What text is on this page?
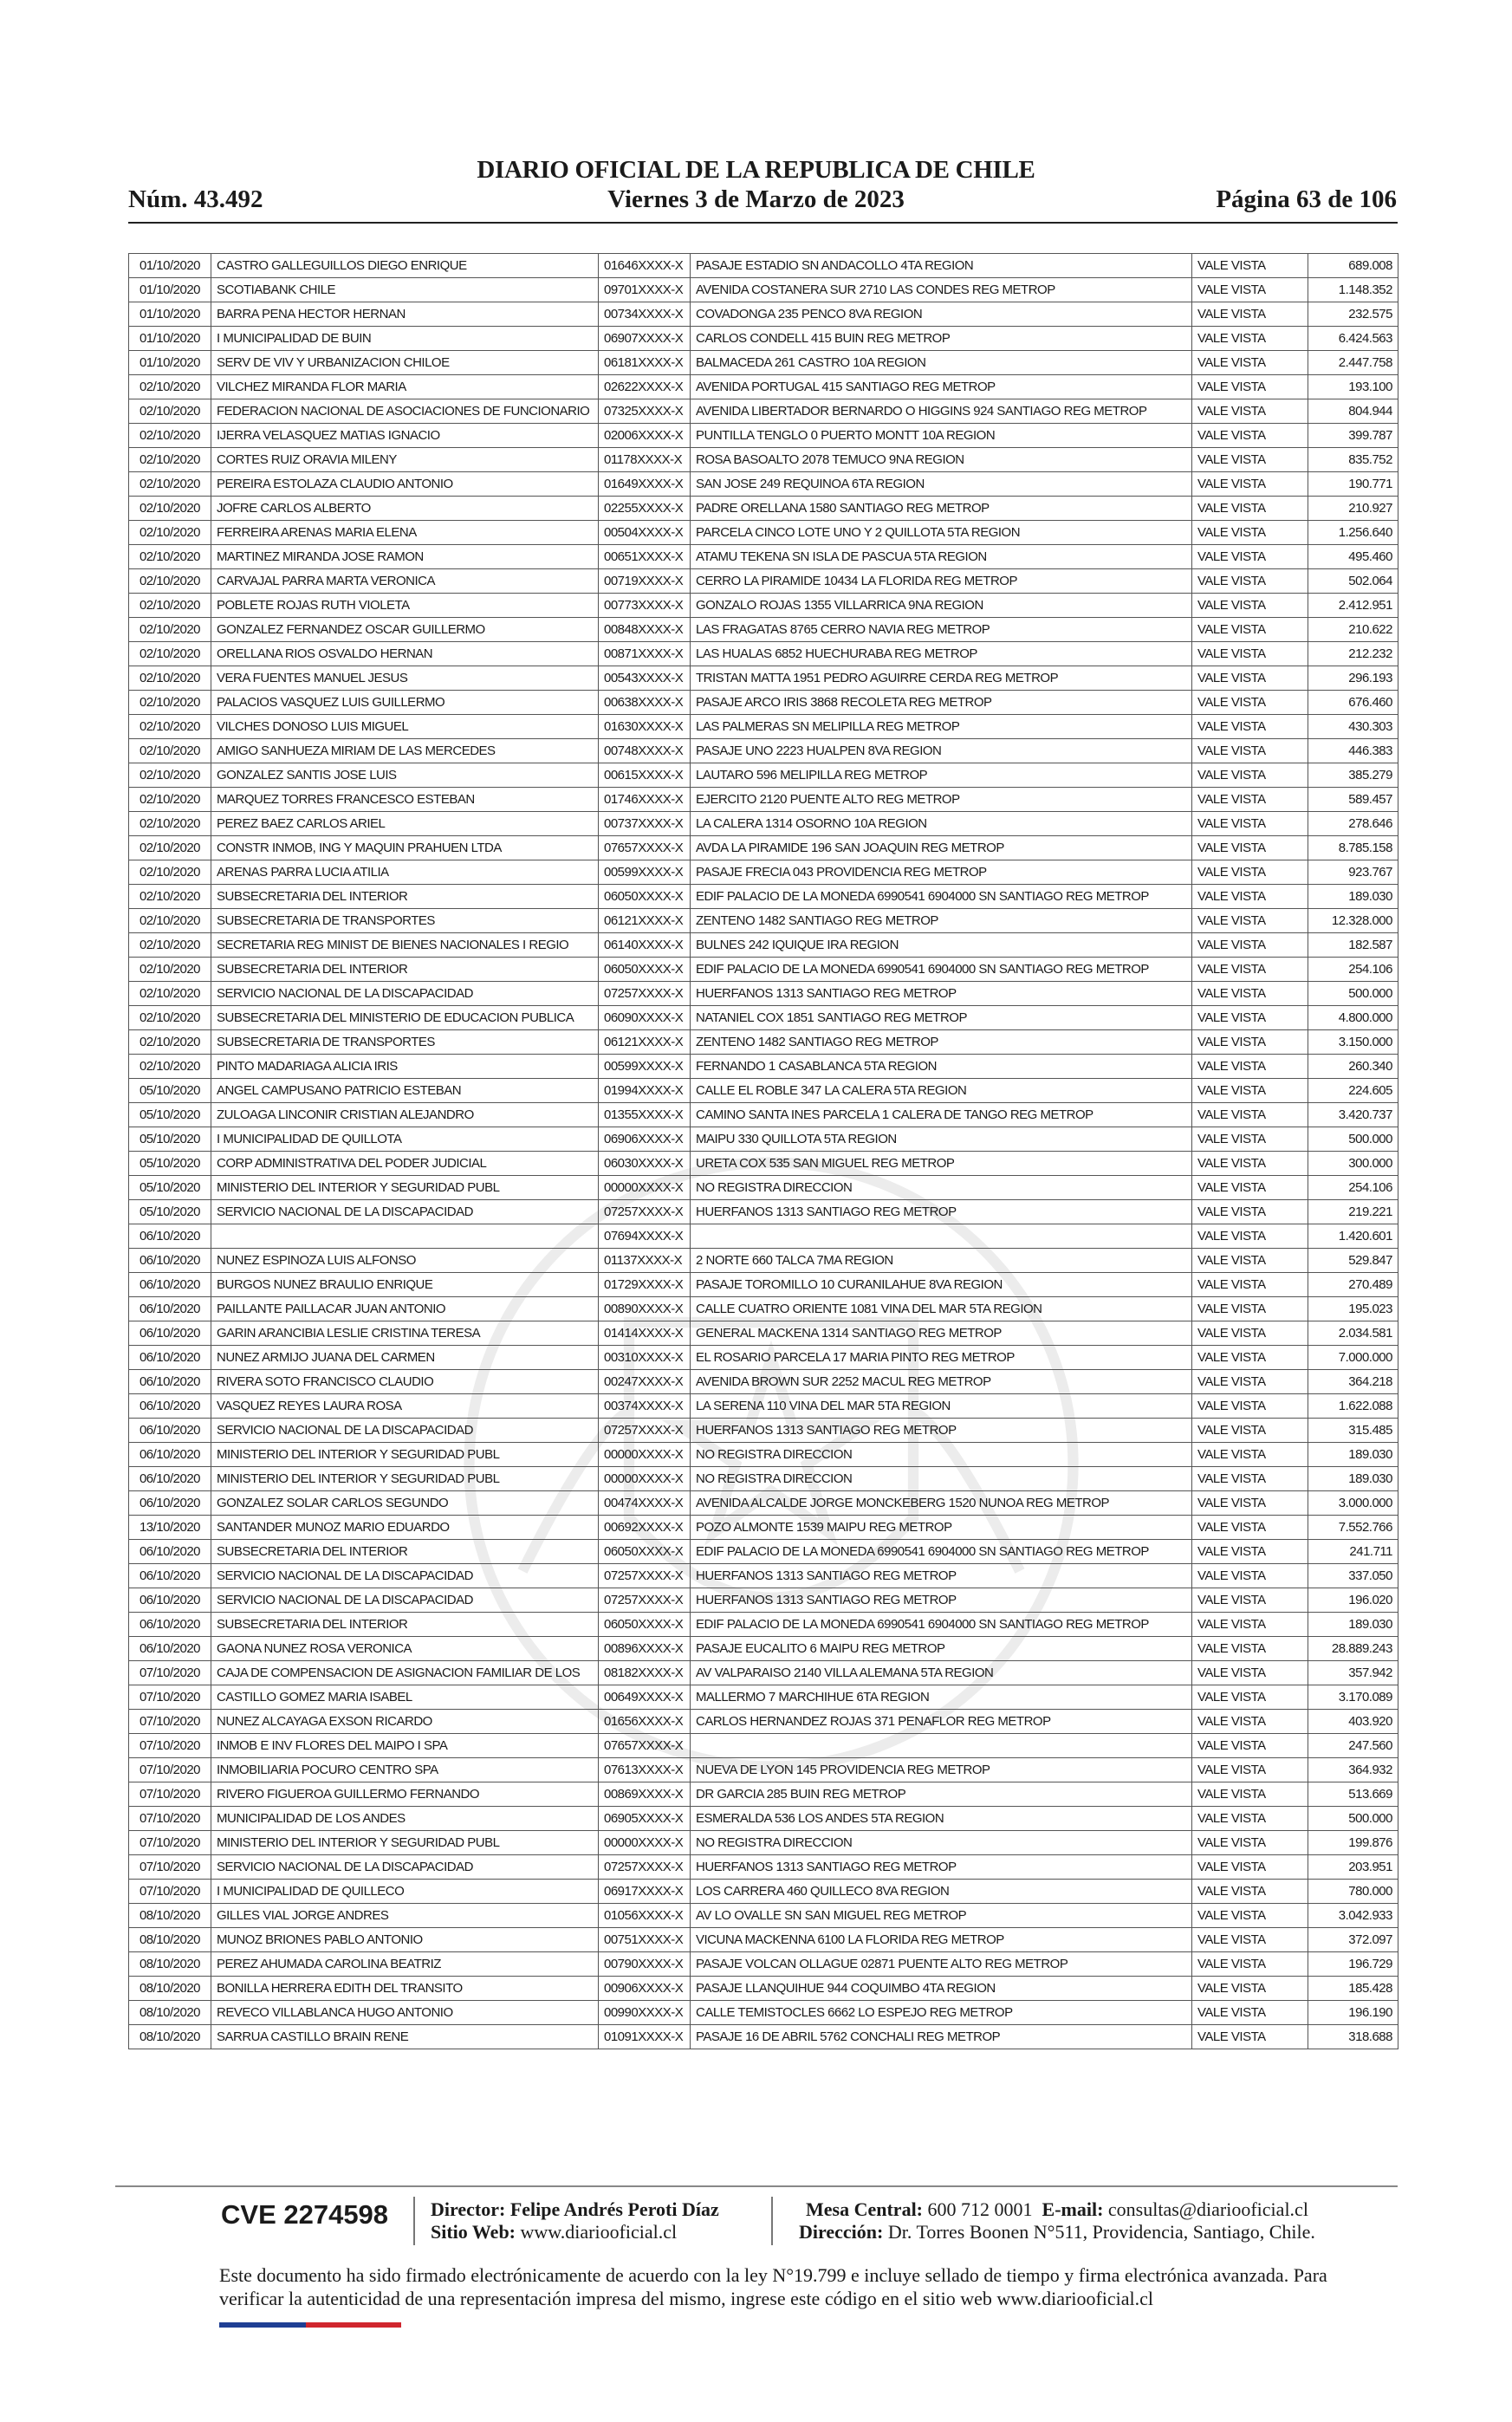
DIARIO OFICIAL DE LA REPUBLICA DE CHILE
Núm. 43.492	Viernes 3 de Marzo de 2023	Página 63 de 106
01/10/2020	CASTRO GALLEGUILLOS DIEGO ENRIQUE	01646XXXX-X	PASAJE ESTADIO SN ANDACOLLO 4TA REGION	VALE VISTA	689.008
01/10/2020	SCOTIABANK CHILE	09701XXXX-X	AVENIDA COSTANERA SUR 2710 LAS CONDES REG METROP	VALE VISTA	1.148.352
01/10/2020	BARRA PENA HECTOR HERNAN	00734XXXX-X	COVADONGA 235 PENCO 8VA REGION	VALE VISTA	232.575
01/10/2020	I MUNICIPALIDAD DE BUIN	06907XXXX-X	CARLOS CONDELL 415 BUIN REG METROP	VALE VISTA	6.424.563
01/10/2020	SERV DE VIV Y URBANIZACION CHILOE	06181XXXX-X	BALMACEDA 261 CASTRO 10A REGION	VALE VISTA	2.447.758
02/10/2020	VILCHEZ MIRANDA FLOR MARIA	02622XXXX-X	AVENIDA PORTUGAL 415 SANTIAGO REG METROP	VALE VISTA	193.100
02/10/2020	FEDERACION NACIONAL DE ASOCIACIONES DE FUNCIONARIO	07325XXXX-X	AVENIDA LIBERTADOR BERNARDO O HIGGINS 924 SANTIAGO REG METROP	VALE VISTA	804.944
02/10/2020	IJERRA VELASQUEZ MATIAS IGNACIO	02006XXXX-X	PUNTILLA TENGLO 0 PUERTO MONTT 10A REGION	VALE VISTA	399.787
02/10/2020	CORTES RUIZ ORAVIA MILENY	01178XXXX-X	ROSA BASOALTO 2078 TEMUCO 9NA REGION	VALE VISTA	835.752
02/10/2020	PEREIRA ESTOLAZA CLAUDIO ANTONIO	01649XXXX-X	SAN JOSE 249 REQUINOA 6TA REGION	VALE VISTA	190.771
02/10/2020	JOFRE CARLOS ALBERTO	02255XXXX-X	PADRE ORELLANA 1580 SANTIAGO REG METROP	VALE VISTA	210.927
02/10/2020	FERREIRA ARENAS MARIA ELENA	00504XXXX-X	PARCELA CINCO LOTE UNO Y 2 QUILLOTA 5TA REGION	VALE VISTA	1.256.640
02/10/2020	MARTINEZ MIRANDA JOSE RAMON	00651XXXX-X	ATAMU TEKENA SN ISLA DE PASCUA 5TA REGION	VALE VISTA	495.460
02/10/2020	CARVAJAL PARRA MARTA VERONICA	00719XXXX-X	CERRO LA PIRAMIDE 10434 LA FLORIDA REG METROP	VALE VISTA	502.064
02/10/2020	POBLETE ROJAS RUTH VIOLETA	00773XXXX-X	GONZALO ROJAS 1355 VILLARRICA 9NA REGION	VALE VISTA	2.412.951
02/10/2020	GONZALEZ FERNANDEZ OSCAR GUILLERMO	00848XXXX-X	LAS FRAGATAS 8765 CERRO NAVIA REG METROP	VALE VISTA	210.622
02/10/2020	ORELLANA RIOS OSVALDO HERNAN	00871XXXX-X	LAS HUALAS 6852 HUECHURABA REG METROP	VALE VISTA	212.232
02/10/2020	VERA FUENTES MANUEL JESUS	00543XXXX-X	TRISTAN MATTA 1951 PEDRO AGUIRRE CERDA REG METROP	VALE VISTA	296.193
02/10/2020	PALACIOS VASQUEZ LUIS GUILLERMO	00638XXXX-X	PASAJE ARCO IRIS 3868 RECOLETA REG METROP	VALE VISTA	676.460
02/10/2020	VILCHES DONOSO LUIS MIGUEL	01630XXXX-X	LAS PALMERAS SN MELIPILLA REG METROP	VALE VISTA	430.303
02/10/2020	AMIGO SANHUEZA MIRIAM DE LAS MERCEDES	00748XXXX-X	PASAJE UNO 2223 HUALPEN 8VA REGION	VALE VISTA	446.383
02/10/2020	GONZALEZ SANTIS JOSE LUIS	00615XXXX-X	LAUTARO 596 MELIPILLA REG METROP	VALE VISTA	385.279
02/10/2020	MARQUEZ TORRES FRANCESCO ESTEBAN	01746XXXX-X	EJERCITO 2120 PUENTE ALTO REG METROP	VALE VISTA	589.457
02/10/2020	PEREZ BAEZ CARLOS ARIEL	00737XXXX-X	LA CALERA 1314 OSORNO 10A REGION	VALE VISTA	278.646
02/10/2020	CONSTR INMOB, ING Y MAQUIN PRAHUEN LTDA	07657XXXX-X	AVDA LA PIRAMIDE 196 SAN JOAQUIN REG METROP	VALE VISTA	8.785.158
02/10/2020	ARENAS PARRA LUCIA ATILIA	00599XXXX-X	PASAJE FRECIA 043 PROVIDENCIA REG METROP	VALE VISTA	923.767
02/10/2020	SUBSECRETARIA DEL INTERIOR	06050XXXX-X	EDIF PALACIO DE LA MONEDA 6990541 6904000 SN SANTIAGO REG METROP	VALE VISTA	189.030
02/10/2020	SUBSECRETARIA DE TRANSPORTES	06121XXXX-X	ZENTENO 1482 SANTIAGO REG METROP	VALE VISTA	12.328.000
02/10/2020	SECRETARIA REG MINIST DE BIENES NACIONALES I REGIO	06140XXXX-X	BULNES 242 IQUIQUE IRA REGION	VALE VISTA	182.587
02/10/2020	SUBSECRETARIA DEL INTERIOR	06050XXXX-X	EDIF PALACIO DE LA MONEDA 6990541 6904000 SN SANTIAGO REG METROP	VALE VISTA	254.106
02/10/2020	SERVICIO NACIONAL DE LA DISCAPACIDAD	07257XXXX-X	HUERFANOS 1313 SANTIAGO REG METROP	VALE VISTA	500.000
02/10/2020	SUBSECRETARIA DEL MINISTERIO DE EDUCACION PUBLICA	06090XXXX-X	NATANIEL COX 1851 SANTIAGO REG METROP	VALE VISTA	4.800.000
02/10/2020	SUBSECRETARIA DE TRANSPORTES	06121XXXX-X	ZENTENO 1482 SANTIAGO REG METROP	VALE VISTA	3.150.000
02/10/2020	PINTO MADARIAGA ALICIA IRIS	00599XXXX-X	FERNANDO 1 CASABLANCA 5TA REGION	VALE VISTA	260.340
05/10/2020	ANGEL CAMPUSANO PATRICIO ESTEBAN	01994XXXX-X	CALLE EL ROBLE 347 LA CALERA 5TA REGION	VALE VISTA	224.605
05/10/2020	ZULOAGA LINCONIR CRISTIAN ALEJANDRO	01355XXXX-X	CAMINO SANTA INES PARCELA 1 CALERA DE TANGO REG METROP	VALE VISTA	3.420.737
05/10/2020	I MUNICIPALIDAD DE QUILLOTA	06906XXXX-X	MAIPU 330 QUILLOTA 5TA REGION	VALE VISTA	500.000
05/10/2020	CORP ADMINISTRATIVA DEL PODER JUDICIAL	06030XXXX-X	URETA COX 535 SAN MIGUEL REG METROP	VALE VISTA	300.000
05/10/2020	MINISTERIO DEL INTERIOR Y SEGURIDAD PUBL	00000XXXX-X	NO REGISTRA DIRECCION	VALE VISTA	254.106
05/10/2020	SERVICIO NACIONAL DE LA DISCAPACIDAD	07257XXXX-X	HUERFANOS 1313 SANTIAGO REG METROP	VALE VISTA	219.221
06/10/2020		07694XXXX-X		VALE VISTA	1.420.601
06/10/2020	NUNEZ ESPINOZA LUIS ALFONSO	01137XXXX-X	2 NORTE 660 TALCA 7MA REGION	VALE VISTA	529.847
06/10/2020	BURGOS NUNEZ BRAULIO ENRIQUE	01729XXXX-X	PASAJE TOROMILLO 10 CURANILAHUE 8VA REGION	VALE VISTA	270.489
06/10/2020	PAILLANTE PAILLACAR JUAN ANTONIO	00890XXXX-X	CALLE CUATRO ORIENTE 1081 VINA DEL MAR 5TA REGION	VALE VISTA	195.023
06/10/2020	GARIN ARANCIBIA LESLIE CRISTINA TERESA	01414XXXX-X	GENERAL MACKENA 1314 SANTIAGO REG METROP	VALE VISTA	2.034.581
06/10/2020	NUNEZ ARMIJO JUANA DEL CARMEN	00310XXXX-X	EL ROSARIO PARCELA 17 MARIA PINTO REG METROP	VALE VISTA	7.000.000
06/10/2020	RIVERA SOTO FRANCISCO CLAUDIO	00247XXXX-X	AVENIDA BROWN SUR 2252 MACUL REG METROP	VALE VISTA	364.218
06/10/2020	VASQUEZ REYES LAURA ROSA	00374XXXX-X	LA SERENA 110 VINA DEL MAR 5TA REGION	VALE VISTA	1.622.088
06/10/2020	SERVICIO NACIONAL DE LA DISCAPACIDAD	07257XXXX-X	HUERFANOS 1313 SANTIAGO REG METROP	VALE VISTA	315.485
06/10/2020	MINISTERIO DEL INTERIOR Y SEGURIDAD PUBL	00000XXXX-X	NO REGISTRA DIRECCION	VALE VISTA	189.030
06/10/2020	MINISTERIO DEL INTERIOR Y SEGURIDAD PUBL	00000XXXX-X	NO REGISTRA DIRECCION	VALE VISTA	189.030
06/10/2020	GONZALEZ SOLAR CARLOS SEGUNDO	00474XXXX-X	AVENIDA ALCALDE JORGE MONCKEBERG 1520 NUNOA REG METROP	VALE VISTA	3.000.000
13/10/2020	SANTANDER MUNOZ MARIO EDUARDO	00692XXXX-X	POZO ALMONTE 1539 MAIPU REG METROP	VALE VISTA	7.552.766
06/10/2020	SUBSECRETARIA DEL INTERIOR	06050XXXX-X	EDIF PALACIO DE LA MONEDA 6990541 6904000 SN SANTIAGO REG METROP	VALE VISTA	241.711
06/10/2020	SERVICIO NACIONAL DE LA DISCAPACIDAD	07257XXXX-X	HUERFANOS 1313 SANTIAGO REG METROP	VALE VISTA	337.050
06/10/2020	SERVICIO NACIONAL DE LA DISCAPACIDAD	07257XXXX-X	HUERFANOS 1313 SANTIAGO REG METROP	VALE VISTA	196.020
06/10/2020	SUBSECRETARIA DEL INTERIOR	06050XXXX-X	EDIF PALACIO DE LA MONEDA 6990541 6904000 SN SANTIAGO REG METROP	VALE VISTA	189.030
06/10/2020	GAONA NUNEZ ROSA VERONICA	00896XXXX-X	PASAJE EUCALITO 6 MAIPU REG METROP	VALE VISTA	28.889.243
07/10/2020	CAJA DE COMPENSACION DE ASIGNACION FAMILIAR DE LOS	08182XXXX-X	AV VALPARAISO 2140 VILLA ALEMANA 5TA REGION	VALE VISTA	357.942
07/10/2020	CASTILLO GOMEZ MARIA ISABEL	00649XXXX-X	MALLERMO 7 MARCHIHUE 6TA REGION	VALE VISTA	3.170.089
07/10/2020	NUNEZ ALCAYAGA EXSON RICARDO	01656XXXX-X	CARLOS HERNANDEZ ROJAS 371 PENAFLOR REG METROP	VALE VISTA	403.920
07/10/2020	INMOB E INV FLORES DEL MAIPO I SPA	07657XXXX-X		VALE VISTA	247.560
07/10/2020	INMOBILIARIA POCURO CENTRO SPA	07613XXXX-X	NUEVA DE LYON 145 PROVIDENCIA REG METROP	VALE VISTA	364.932
07/10/2020	RIVERO FIGUEROA GUILLERMO FERNANDO	00869XXXX-X	DR GARCIA 285 BUIN REG METROP	VALE VISTA	513.669
07/10/2020	MUNICIPALIDAD DE LOS ANDES	06905XXXX-X	ESMERALDA 536 LOS ANDES 5TA REGION	VALE VISTA	500.000
07/10/2020	MINISTERIO DEL INTERIOR Y SEGURIDAD PUBL	00000XXXX-X	NO REGISTRA DIRECCION	VALE VISTA	199.876
07/10/2020	SERVICIO NACIONAL DE LA DISCAPACIDAD	07257XXXX-X	HUERFANOS 1313 SANTIAGO REG METROP	VALE VISTA	203.951
07/10/2020	I MUNICIPALIDAD DE QUILLECO	06917XXXX-X	LOS CARRERA 460 QUILLECO 8VA REGION	VALE VISTA	780.000
08/10/2020	GILLES VIAL JORGE ANDRES	01056XXXX-X	AV LO OVALLE SN SAN MIGUEL REG METROP	VALE VISTA	3.042.933
08/10/2020	MUNOZ BRIONES PABLO ANTONIO	00751XXXX-X	VICUNA MACKENNA 6100 LA FLORIDA REG METROP	VALE VISTA	372.097
08/10/2020	PEREZ AHUMADA CAROLINA BEATRIZ	00790XXXX-X	PASAJE VOLCAN OLLAGUE 02871 PUENTE ALTO REG METROP	VALE VISTA	196.729
08/10/2020	BONILLA HERRERA EDITH DEL TRANSITO	00906XXXX-X	PASAJE LLANQUIHUE 944 COQUIMBO 4TA REGION	VALE VISTA	185.428
08/10/2020	REVECO VILLABLANCA HUGO ANTONIO	00990XXXX-X	CALLE TEMISTOCLES 6662 LO ESPEJO REG METROP	VALE VISTA	196.190
08/10/2020	SARRUA CASTILLO BRAIN RENE	01091XXXX-X	PASAJE 16 DE ABRIL 5762 CONCHALI REG METROP	VALE VISTA	318.688
CVE 2274598 Director: Felipe Andrés Peroti Díaz
Sitio Web: www.diariooficial.cl
Mesa Central: 600 712 0001 E-mail: consultas@diariooficial.cl
Dirección: Dr. Torres Boonen N°511, Providencia, Santiago, Chile.
Este documento ha sido firmado electrónicamente de acuerdo con la ley N°19.799 e incluye sellado de tiempo y firma electrónica avanzada. Para verificar la autenticidad de una representación impresa del mismo, ingrese este código en el sitio web www.diariooficial.cl
